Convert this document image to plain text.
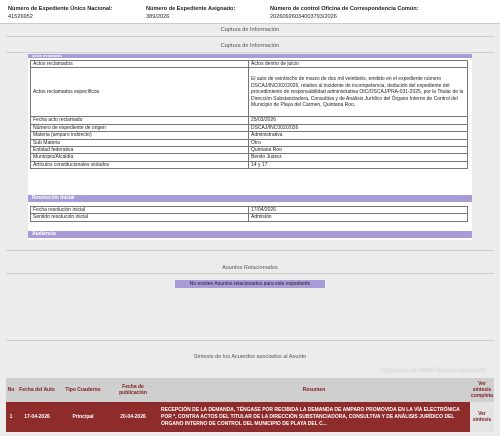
Número de Expediente Único Nacional:
41526952
Número de Expediente Asignado:
389/2026
Número de control Oficina de Correspondencia Común:
20260926034003793/2026
Captura de Información
Captura de Información
Actos reclamados
Actos reclamados	Actos dentro de juicio
Actos reclamados específicos	El auto de veintiocho de marzo de dos mil veintiséis, emitido en el expediente número DSCAJ/INC002/2026, relativo al incidente de incompetencia, deducido del expediente del procedimiento de responsabilidad administrativa OIC/OSCAJ/PRA-031-2025, por la Titular de la Dirección Substanciadora, Consultiva y de Análisis Jurídico del Órgano Interno de Control del Municipio de Playa del Carmen, Quintana Roo.
Fecha acto reclamado	25/03/2026
Número de expediente de origen	DSCAJ/INC002/2026
Materia (amparo indirecto)	Administrativa
Sub Materia	Otro
Entidad federativa	Quintana Roo
Municipio/Alcaldía	Benito Juárez
Artículos constitucionales violados	14 y 17
Resolución Inicial
Fecha resolución inicial	17/04/2026
Sentido resolución inicial	Admisión
Audiencia
Asuntos Relacionados
No existen Asuntos relacionados para este expediente
Síntesis de los Acuerdos asociados al Asunto
Optimizado con WebP Allkamy Autoconvert
No	Fecha del Auto	Tipo Cuaderno	Fecha de publicación	Resumen	Ver síntesis completa
1	17-04-2026	Principal	20-04-2026	RECEPCIÓN DE LA DEMANDA, TÉNGASE POR RECIBIDA LA DEMANDA DE AMPARO PROMOVIDA EN LA VÍA ELECTRÓNICA POR *, CONTRA ACTOS DEL TITULAR DE LA DIRECCIÓN SUBSTANCIADORA, CONSULTIVA Y DE ANÁLISIS JURÍDICO DEL ÓRGANO INTERNO DE CONTROL DEL MUNICIPIO DE PLAYA DEL C...	Ver síntesis
